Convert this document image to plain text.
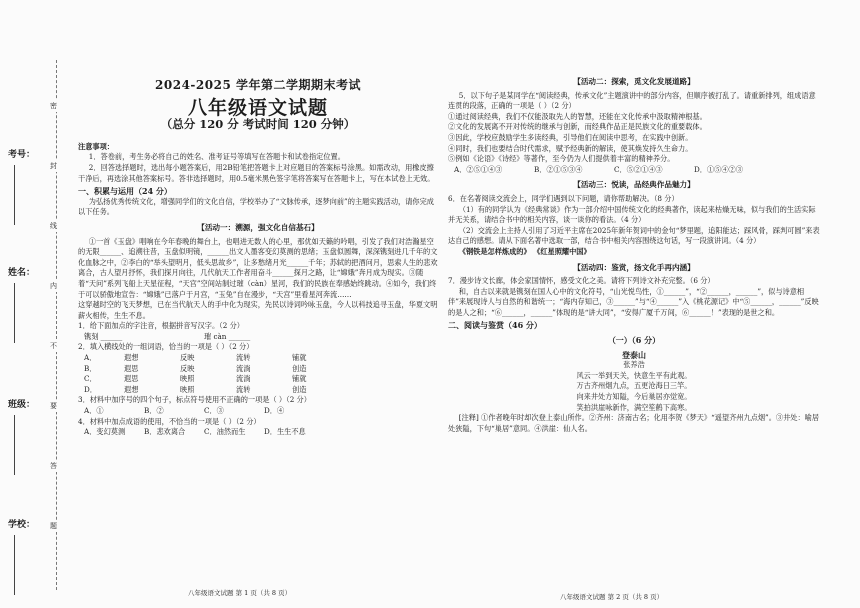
考号：
姓名：
班级：
学校：
密
封
线
内
不
要
答
题

2024-2025 学年第二学期期末考试

八年级语文试题

（总分 120 分 考试时间 120 分钟）

注意事项：

1．答卷前，考生务必将自己的姓名、准考证号等填写在答题卡和试卷指定位置。

2．回答选择题时，选出每小题答案后，用2B铅笔把答题卡上对应题目的答案标号涂黑。如需改动，用橡皮擦干净后，再选涂其他答案标号。答非选择题时，用0.5毫米黑色签字笔将答案写在答题卡上，写在本试卷上无效。

一、积累与运用（24 分）

为弘扬优秀传统文化，增强同学们的文化自信，学校举办了“文脉传承，逐梦向前”的主题实践活动，请你完成以下任务。

【活动一：溯源，强文化自信基石】

①一首《玉盘》唱响在今年春晚的舞台上，也唱进无数人的心里，那优如天籁的吟唱，引发了我们对浩瀚星空的无限______、追溯往昔，玉盘似明镜，______出文人墨客变幻莫测的思绪；玉盘似圆舞，深深镌刻进几千年的文化血脉之中，②李白的“举头望明月，低头思故乡”，让多愁绪月光______千年；苏轼的把酒问月，思索人生的悲欢离合，古人望月抒怀，我们探月向往，几代航天工作者用奋斗______探月之路，让“嫦娥”奔月成为现实。③随着“天问”系列飞船上天星征程，“天宫”空间站制过璀（càn）星河，我们的民族在奉感始终跳动。④如今，我们终于可以骄傲地宣告：“嫦娥”已落户于月宫，“玉兔”自在漫步，“天宫”里看星河奔流……

这穿越时空的飞天梦想，已在当代航天人的手中化为现实，先民以诗词吟咏玉盘，今人以科技追寻玉盘，华夏文明薪火相传，生生不息。

1．给下面加点的字注音，根据拼音写汉字。（2 分）

镌刻 ______	璀 càn ______

2．填入横线处的一组词语，恰当的一项是（ ）（2 分）

A．	遐想	反映	流转	铺就
B．	遐思	反映	流淌	创造
C．	遐思	映照	流淌	铺就
D．	遐想	映照	流转	创造

3．材料中加序号的四个句子，标点符号使用不正确的一项是（ ）（2 分）

A．①	B．②	C．③	D．④

4．材料中加点成语的使用，不恰当的一项是（ ）（2 分）

A．变幻莫测	B．悲欢离合	C．油然而生	D．生生不息
八年级语文试题 第 1 页（共 8 页）

【活动二：探索，觅文化发展道路】

5．以下句子是某同学在“阅读经典，传承文化”主题演讲中的部分内容，但顺序被打乱了。请重新排列，组成语意连贯的段落，正确的一项是（ ）（2 分）

①通过阅读经典，我们不仅能汲取先人的智慧，还能在文化传承中汲取精神根基。

②文化的发展离不开对传统的继承与创新，而经典作品正是民族文化的重要载体。

③因此，学校应鼓励学生多读经典，引导他们在阅读中思考，在实践中创新。

④同时，我们也要结合时代需求，赋予经典新的解读，使其焕发持久生命力。

⑤例如《论语》《诗经》等著作，至今仍为人们提供着丰富的精神养分。

A．②⑤①④③	B．②①⑤③④	C．⑤②①④③	D．①⑤④②③

【活动三：悦读，品经典作品魅力】

6．在名著阅读交流会上，同学们遇到以下问题，请你帮助解决。（8 分）

（1）有的同学认为《经典常谈》作为一部介绍中国传统文化的经典著作，读起来枯燥无味，似与我们的生活实际并无关系，请结合书中的相关内容，谈一谈你的看法。（4 分）

（2）交流会上主持人引用了习近平主席在2025年新年贺词中的金句“梦里题，追阳能达；踩风骨，踩判可圆”来表达自己的感想。请从下面名著中选取一部，结合书中相关内容围绕这句话，写一段演讲词。（4 分）

《钢铁是怎样炼成的》 《红星照耀中国》

【活动四：鉴赏，扬文化手再内涵】

7．漫步诗文长廊，体会家国情怀，感受文化之美。请将下列诗文补充完整。（6 分）

和，自古以来就是镌刻在国人心中的文化符号，“山光悦鸟性，①______”，“②______，______”，似与诗意相伴”来展现诗人与自然的和谐统一；“海内存知己，③______”与“④______”入《桃花源记》中“⑤______，______”反映的是人之和；“⑥______，______”体现的是“讲大同”，“安得广厦千万间，⑥______！”表现的是世之和。

二、阅读与鉴赏（46 分）

（一）（6 分）

登泰山

张养浩

风云一举到天关，快意生平有此观。

万古齐州烟九点，五更沧海日三竿。

向来井处方知隘，今后巢居亦觉宽。

笑拍洪崖咏新作，满空笙鹤下高寒。

[注释] ①作者晚年时却次登上泰山所作。②齐州：济南古名；化用李贺《梦天》“遥望齐州九点烟”。③井处：喻居处狭隘，下句“巢居”意同。④洪崖：仙人名。

八年级语文试题 第 2 页（共 8 页）
